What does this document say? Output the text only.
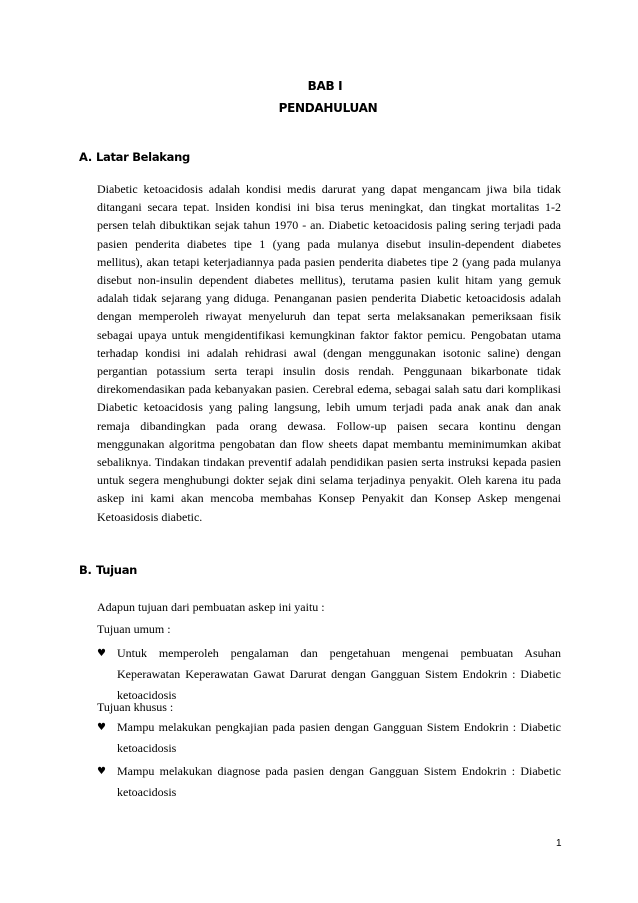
BAB I
PENDAHULUAN
A. Latar Belakang

Diabetic ketoacidosis adalah kondisi medis darurat yang dapat mengancam jiwa bila tidak ditangani secara tepat. lnsiden kondisi ini bisa terus meningkat, dan tingkat mortalitas 1-2 persen telah dibuktikan sejak tahun 1970 - an. Diabetic ketoacidosis paling sering terjadi pada pasien penderita diabetes tipe 1 (yang pada mulanya disebut insulin-dependent diabetes mellitus), akan tetapi keterjadiannya pada pasien penderita diabetes tipe 2 (yang pada mulanya disebut non-insulin dependent diabetes mellitus), terutama pasien kulit hitam yang gemuk adalah tidak sejarang yang diduga. Penanganan pasien penderita Diabetic ketoacidosis adalah dengan memperoleh riwayat menyeluruh dan tepat serta melaksanakan pemeriksaan fisik sebagai upaya untuk mengidentifikasi kemungkinan faktor faktor pemicu. Pengobatan utama terhadap kondisi ini adalah rehidrasi awal (dengan menggunakan isotonic saline) dengan pergantian potassium serta terapi insulin dosis rendah. Penggunaan bikarbonate tidak direkomendasikan pada kebanyakan pasien. Cerebral edema, sebagai salah satu dari komplikasi Diabetic ketoacidosis yang paling langsung, lebih umum terjadi pada anak anak dan anak remaja dibandingkan pada orang dewasa. Follow-up paisen secara kontinu dengan menggunakan algoritma pengobatan dan flow sheets dapat membantu meminimumkan akibat sebaliknya. Tindakan tindakan preventif adalah pendidikan pasien serta instruksi kepada pasien untuk segera menghubungi dokter sejak dini selama terjadinya penyakit. Oleh karena itu pada askep ini kami akan mencoba membahas Konsep Penyakit dan Konsep Askep mengenai Ketoasidosis diabetic.

B. Tujuan

Adapun tujuan dari pembuatan askep ini yaitu :

Tujuan umum :

♥ Untuk memperoleh pengalaman dan pengetahuan mengenai pembuatan Asuhan Keperawatan Keperawatan Gawat Darurat dengan Gangguan Sistem Endokrin : Diabetic ketoacidosis

Tujuan khusus :

♥ Mampu melakukan pengkajian pada pasien dengan Gangguan Sistem Endokrin : Diabetic ketoacidosis
♥ Mampu melakukan diagnose pada pasien dengan Gangguan Sistem Endokrin : Diabetic ketoacidosis
1
